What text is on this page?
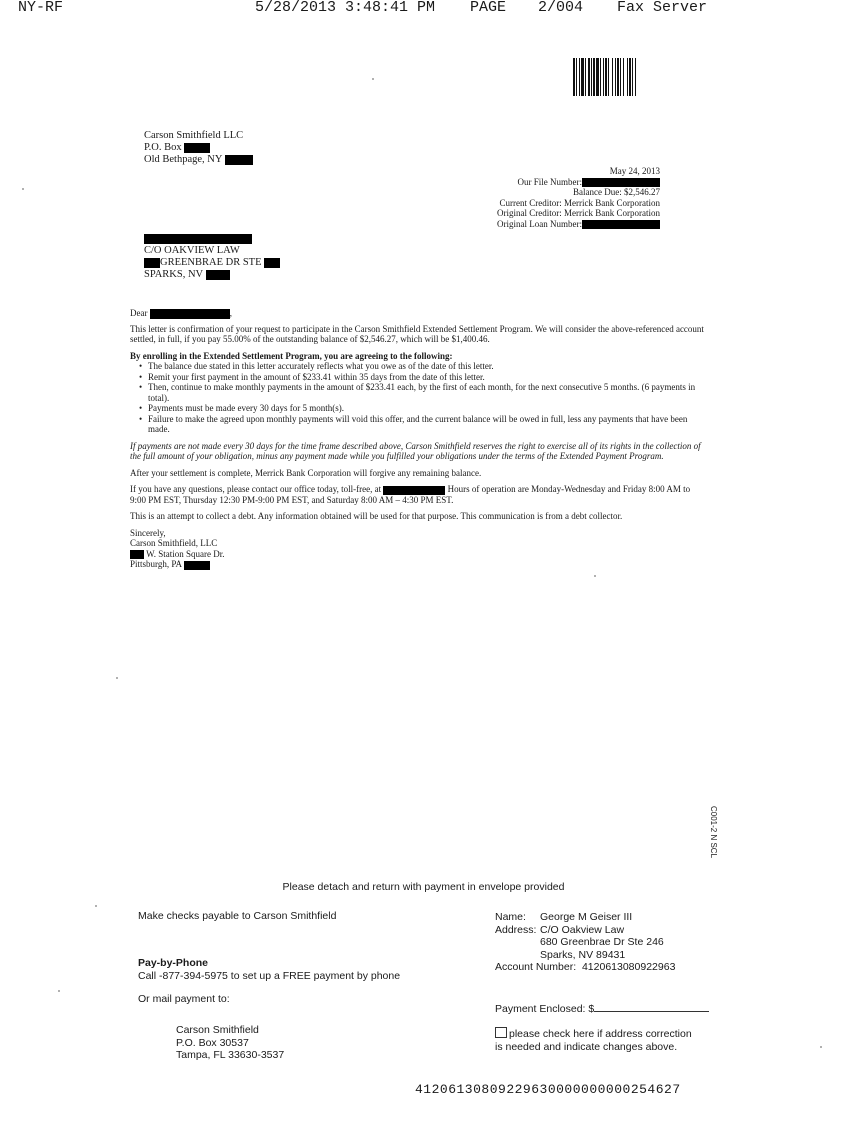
NY-RF	5/28/2013 3:48:41 PM PAGE 2/004 Fax Server
Carson Smithfield LLC
P.O. Box
Old Bethpage, NY
May 24, 2013
Our File Number:
Balance Due: $2,546.27
Current Creditor: Merrick Bank Corporation
Original Creditor: Merrick Bank Corporation
Original Loan Number:
C/O OAKVIEW LAW
GREENBRAE DR STE
SPARKS, NV
Dear	,
This letter is confirmation of your request to participate in the Carson Smithfield Extended Settlement Program. We will consider the above-referenced account settled, in full, if you pay 55.00% of the outstanding balance of $2,546.27, which will be $1,400.46.
By enrolling in the Extended Settlement Program, you are agreeing to the following:
• The balance due stated in this letter accurately reflects what you owe as of the date of this letter.
• Remit your first payment in the amount of $233.41 within 35 days from the date of this letter.
• Then, continue to make monthly payments in the amount of $233.41 each, by the first of each month, for the next consecutive 5 months. (6 payments in total).
• Payments must be made every 30 days for 5 month(s).
• Failure to make the agreed upon monthly payments will void this offer, and the current balance will be owed in full, less any payments that have been made.
If payments are not made every 30 days for the time frame described above, Carson Smithfield reserves the right to exercise all of its rights in the collection of the full amount of your obligation, minus any payment made while you fulfilled your obligations under the terms of the Extended Payment Program.
After your settlement is complete, Merrick Bank Corporation will forgive any remaining balance.
If you have any questions, please contact our office today, toll-free, at	Hours of operation are Monday-Wednesday and Friday 8:00 AM to 9:00 PM EST, Thursday 12:30 PM-9:00 PM EST, and Saturday 8:00 AM – 4:30 PM EST.
This is an attempt to collect a debt. Any information obtained will be used for that purpose. This communication is from a debt collector.
Sincerely,
Carson Smithfield, LLC
W. Station Square Dr.
Pittsburgh, PA
C001-2 N SCL
Please detach and return with payment in envelope provided
Make checks payable to Carson Smithfield
Pay-by-Phone
Call -877-394-5975 to set up a FREE payment by phone
Or mail payment to:
Carson Smithfield
P.O. Box 30537
Tampa, FL 33630-3537
Name: George M Geiser III
Address: C/O Oakview Law
680 Greenbrae Dr Ste 246
Sparks, NV 89431
Account Number: 4120613080922963
Payment Enclosed: $
please check here if address correction
is needed and indicate changes above.
41206130809229630000000000254627
